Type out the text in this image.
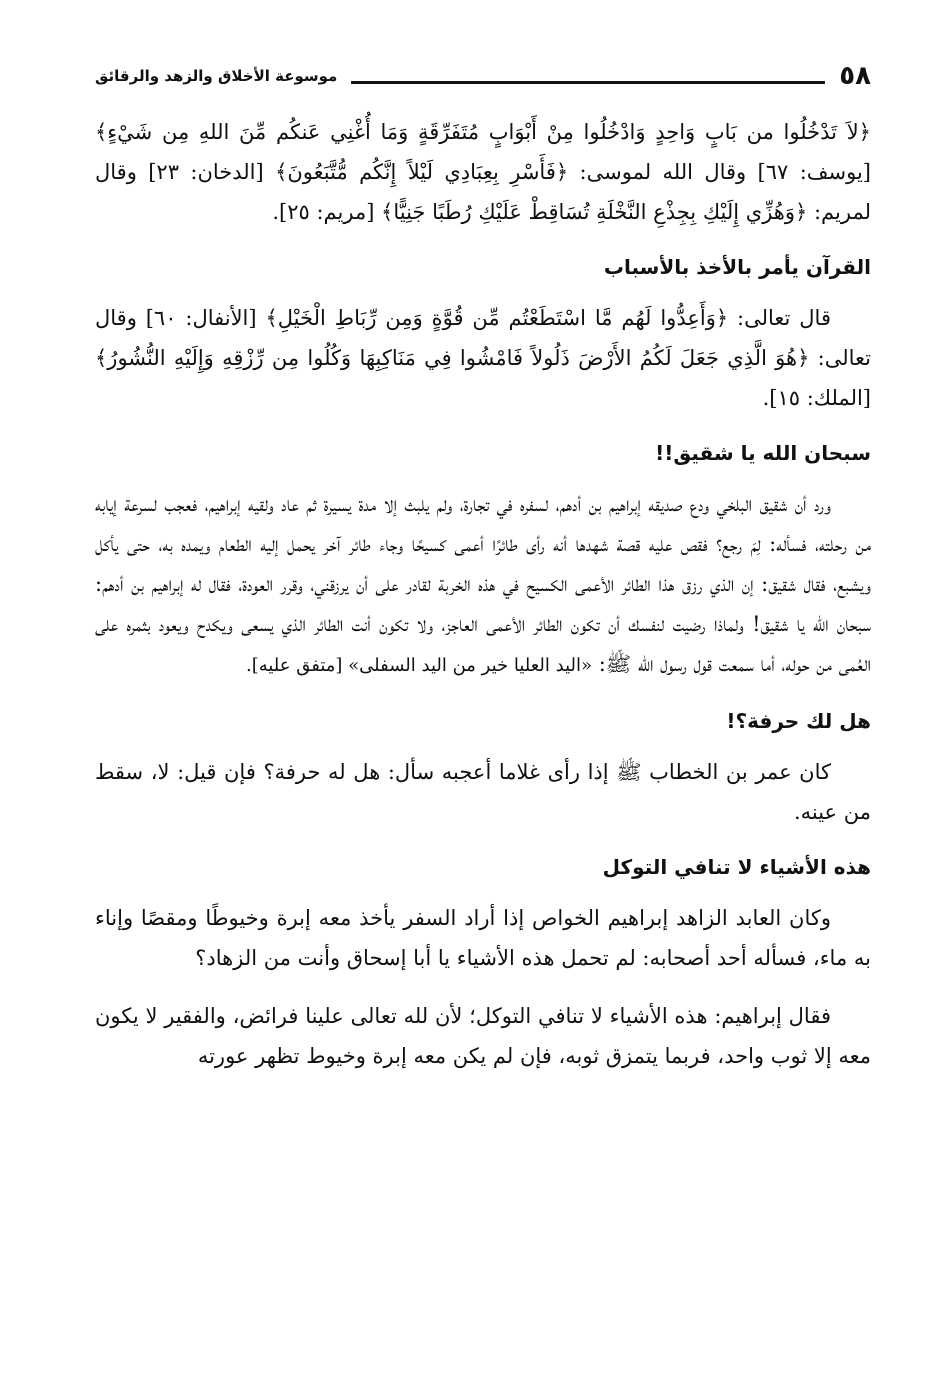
٥٨
موسوعة الأخلاق والزهد والرقائق

﴿لاَ تَدْخُلُوا من بَابٍ وَاحِدٍ وَادْخُلُوا مِنْ أَبْوَابٍ مُتَفَرِّقَةٍ وَمَا أُغْنِي عَنكُم مِّنَ اللهِ مِن شَيْءٍ﴾ [يوسف: ٦٧] وقال الله لموسى: ﴿فَأَسْرِ بِعِبَادِي لَيْلاً إِنَّكُم مُّتَّبَعُونَ﴾ [الدخان: ٢٣] وقال لمريم: ﴿وَهُزِّي إِلَيْكِ بِجِذْعِ النَّخْلَةِ تُسَاقِطْ عَلَيْكِ رُطَبًا جَنِيًّا﴾ [مريم: ٢٥].

القرآن يأمر بالأخذ بالأسباب

قال تعالى: ﴿وَأَعِدُّوا لَهُم مَّا اسْتَطَعْتُم مِّن قُوَّةٍ وَمِن رِّبَاطِ الْخَيْلِ﴾ [الأنفال: ٦٠] وقال تعالى: ﴿هُوَ الَّذِي جَعَلَ لَكُمُ الأَرْضَ ذَلُولاً فَامْشُوا فِي مَنَاكِبِهَا وَكُلُوا مِن رِّزْقِهِ وَإِلَيْهِ النُّشُورُ﴾ [الملك: ١٥].

سبحان الله يا شقيق!!

ورد أن شقيق البلخي ودع صديقه إبراهيم بن أدهم، لسفره في تجارة، ولم يلبث إلا مدة يسيرة ثم عاد ولقيه إبراهيم، فعجب لسرعة إيابه من رحلته، فسأله: لِمَ رجع؟ فقص عليه قصة شهدها أنه رأى طائرًا أعمى كسيحًا وجاء طائر آخر يحمل إليه الطعام ويمده به، حتى يأكل ويشبع، فقال شقيق: إن الذي رزق هذا الطائر الأعمى الكسيح في هذه الخربة لقادر على أن يرزقني، وقرر العودة، فقال له إبراهيم بن أدهم: سبحان الله يا شقيق! ولماذا رضيت لنفسك أن تكون الطائر الأعمى العاجز، ولا تكون أنت الطائر الذي يسعى ويكدح ويعود بثمره على العُمى من حوله، أما سمعت قول رسول الله ﷺ: «اليد العليا خير من اليد السفلى» [متفق عليه].

هل لك حرفة؟!

كان عمر بن الخطاب ﷺ إذا رأى غلاما أعجبه سأل: هل له حرفة؟ فإن قيل: لا، سقط من عينه.

هذه الأشياء لا تنافي التوكل

وكان العابد الزاهد إبراهيم الخواص إذا أراد السفر يأخذ معه إبرة وخيوطًا ومقصًا وإناء به ماء، فسأله أحد أصحابه: لم تحمل هذه الأشياء يا أبا إسحاق وأنت من الزهاد؟

فقال إبراهيم: هذه الأشياء لا تنافي التوكل؛ لأن لله تعالى علينا فرائض، والفقير لا يكون معه إلا ثوب واحد، فربما يتمزق ثوبه، فإن لم يكن معه إبرة وخيوط تظهر عورته
